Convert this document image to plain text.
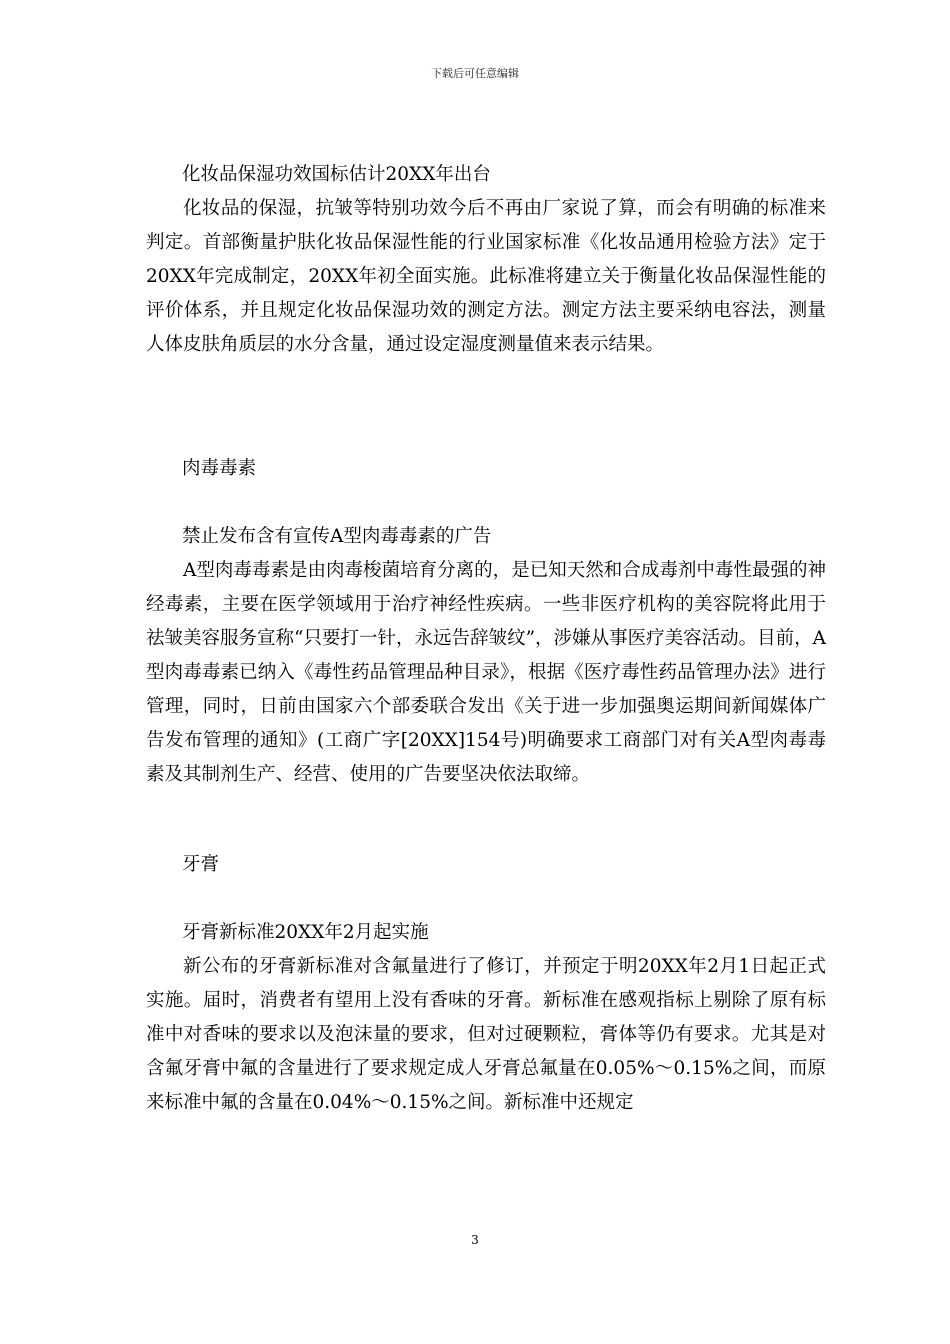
下载后可任意编辑

化妆品保湿功效国标估计20XX年出台

化妆品的保湿，抗皱等特别功效今后不再由厂家说了算，而会有明确的标准来判定。首部衡量护肤化妆品保湿性能的行业国家标准《化妆品通用检验方法》定于20XX年完成制定，20XX年初全面实施。此标准将建立关于衡量化妆品保湿性能的评价体系，并且规定化妆品保湿功效的测定方法。测定方法主要采纳电容法，测量人体皮肤角质层的水分含量，通过设定湿度测量值来表示结果。

肉毒毒素

禁止发布含有宣传A型肉毒毒素的广告

A型肉毒毒素是由肉毒梭菌培育分离的，是已知天然和合成毒剂中毒性最强的神经毒素，主要在医学领域用于治疗神经性疾病。一些非医疗机构的美容院将此用于祛皱美容服务宣称“只要打一针，永远告辞皱纹”，涉嫌从事医疗美容活动。目前，A型肉毒毒素已纳入《毒性药品管理品种目录》，根据《医疗毒性药品管理办法》进行管理，同时，日前由国家六个部委联合发出《关于进一步加强奥运期间新闻媒体广告发布管理的通知》(工商广字[20XX]154号)明确要求工商部门对有关A型肉毒毒素及其制剂生产、经营、使用的广告要坚决依法取缔。

牙膏

牙膏新标准20XX年2月起实施

新公布的牙膏新标准对含氟量进行了修订，并预定于明20XX年2月1日起正式实施。届时，消费者有望用上没有香味的牙膏。新标准在感观指标上剔除了原有标准中对香味的要求以及泡沫量的要求，但对过硬颗粒，膏体等仍有要求。尤其是对含氟牙膏中氟的含量进行了要求规定成人牙膏总氟量在0.05%～0.15%之间，而原来标准中氟的含量在0.04%～0.15%之间。新标准中还规定

3
